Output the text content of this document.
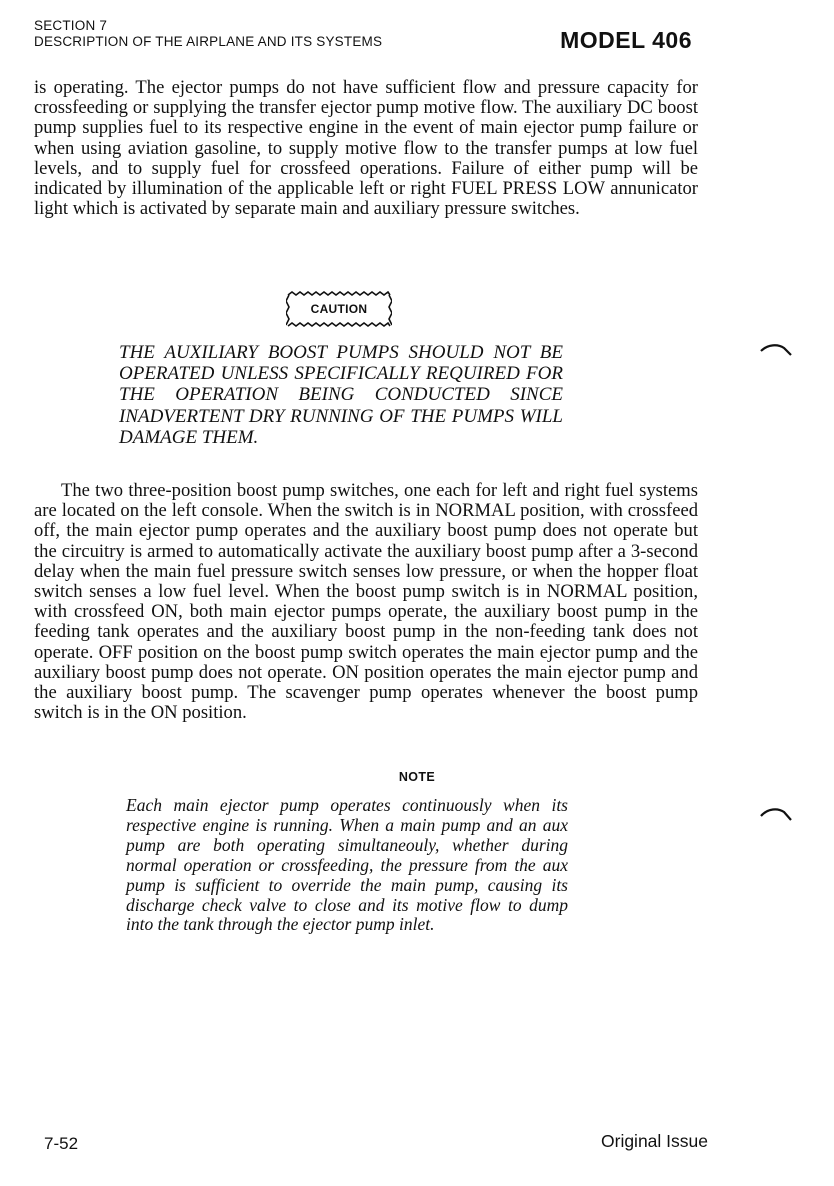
SECTION 7
DESCRIPTION OF THE AIRPLANE AND ITS SYSTEMS	MODEL 406

is operating. The ejector pumps do not have sufficient flow and pressure capacity for crossfeeding or supplying the transfer ejector pump motive flow. The auxiliary DC boost pump supplies fuel to its respective engine in the event of main ejector pump failure or when using aviation gasoline, to supply motive flow to the transfer pumps at low fuel levels, and to supply fuel for crossfeed operations. Failure of either pump will be indicated by illumination of the applicable left or right FUEL PRESS LOW annunicator light which is activated by separate main and auxiliary pressure switches.

CAUTION

THE AUXILIARY BOOST PUMPS SHOULD NOT BE OPERATED UNLESS SPECIFICALLY REQUIRED FOR THE OPERATION BEING CONDUCTED SINCE INADVERTENT DRY RUNNING OF THE PUMPS WILL DAMAGE THEM.

The two three-position boost pump switches, one each for left and right fuel systems are located on the left console. When the switch is in NORMAL position, with crossfeed off, the main ejector pump operates and the auxiliary boost pump does not operate but the circuitry is armed to automatically activate the auxiliary boost pump after a 3-second delay when the main fuel pressure switch senses low pressure, or when the hopper float switch senses a low fuel level. When the boost pump switch is in NORMAL position, with crossfeed ON, both main ejector pumps operate, the auxiliary boost pump in the feeding tank operates and the auxiliary boost pump in the non-feeding tank does not operate. OFF position on the boost pump switch operates the main ejector pump and the auxiliary boost pump does not operate. ON position operates the main ejector pump and the auxiliary boost pump. The scavenger pump operates whenever the boost pump switch is in the ON position.

NOTE

Each main ejector pump operates continuously when its respective engine is running. When a main pump and an aux pump are both operating simultaneouly, whether during normal operation or crossfeeding, the pressure from the aux pump is sufficient to override the main pump, causing its discharge check valve to close and its motive flow to dump into the tank through the ejector pump inlet.

7-52	Original Issue
